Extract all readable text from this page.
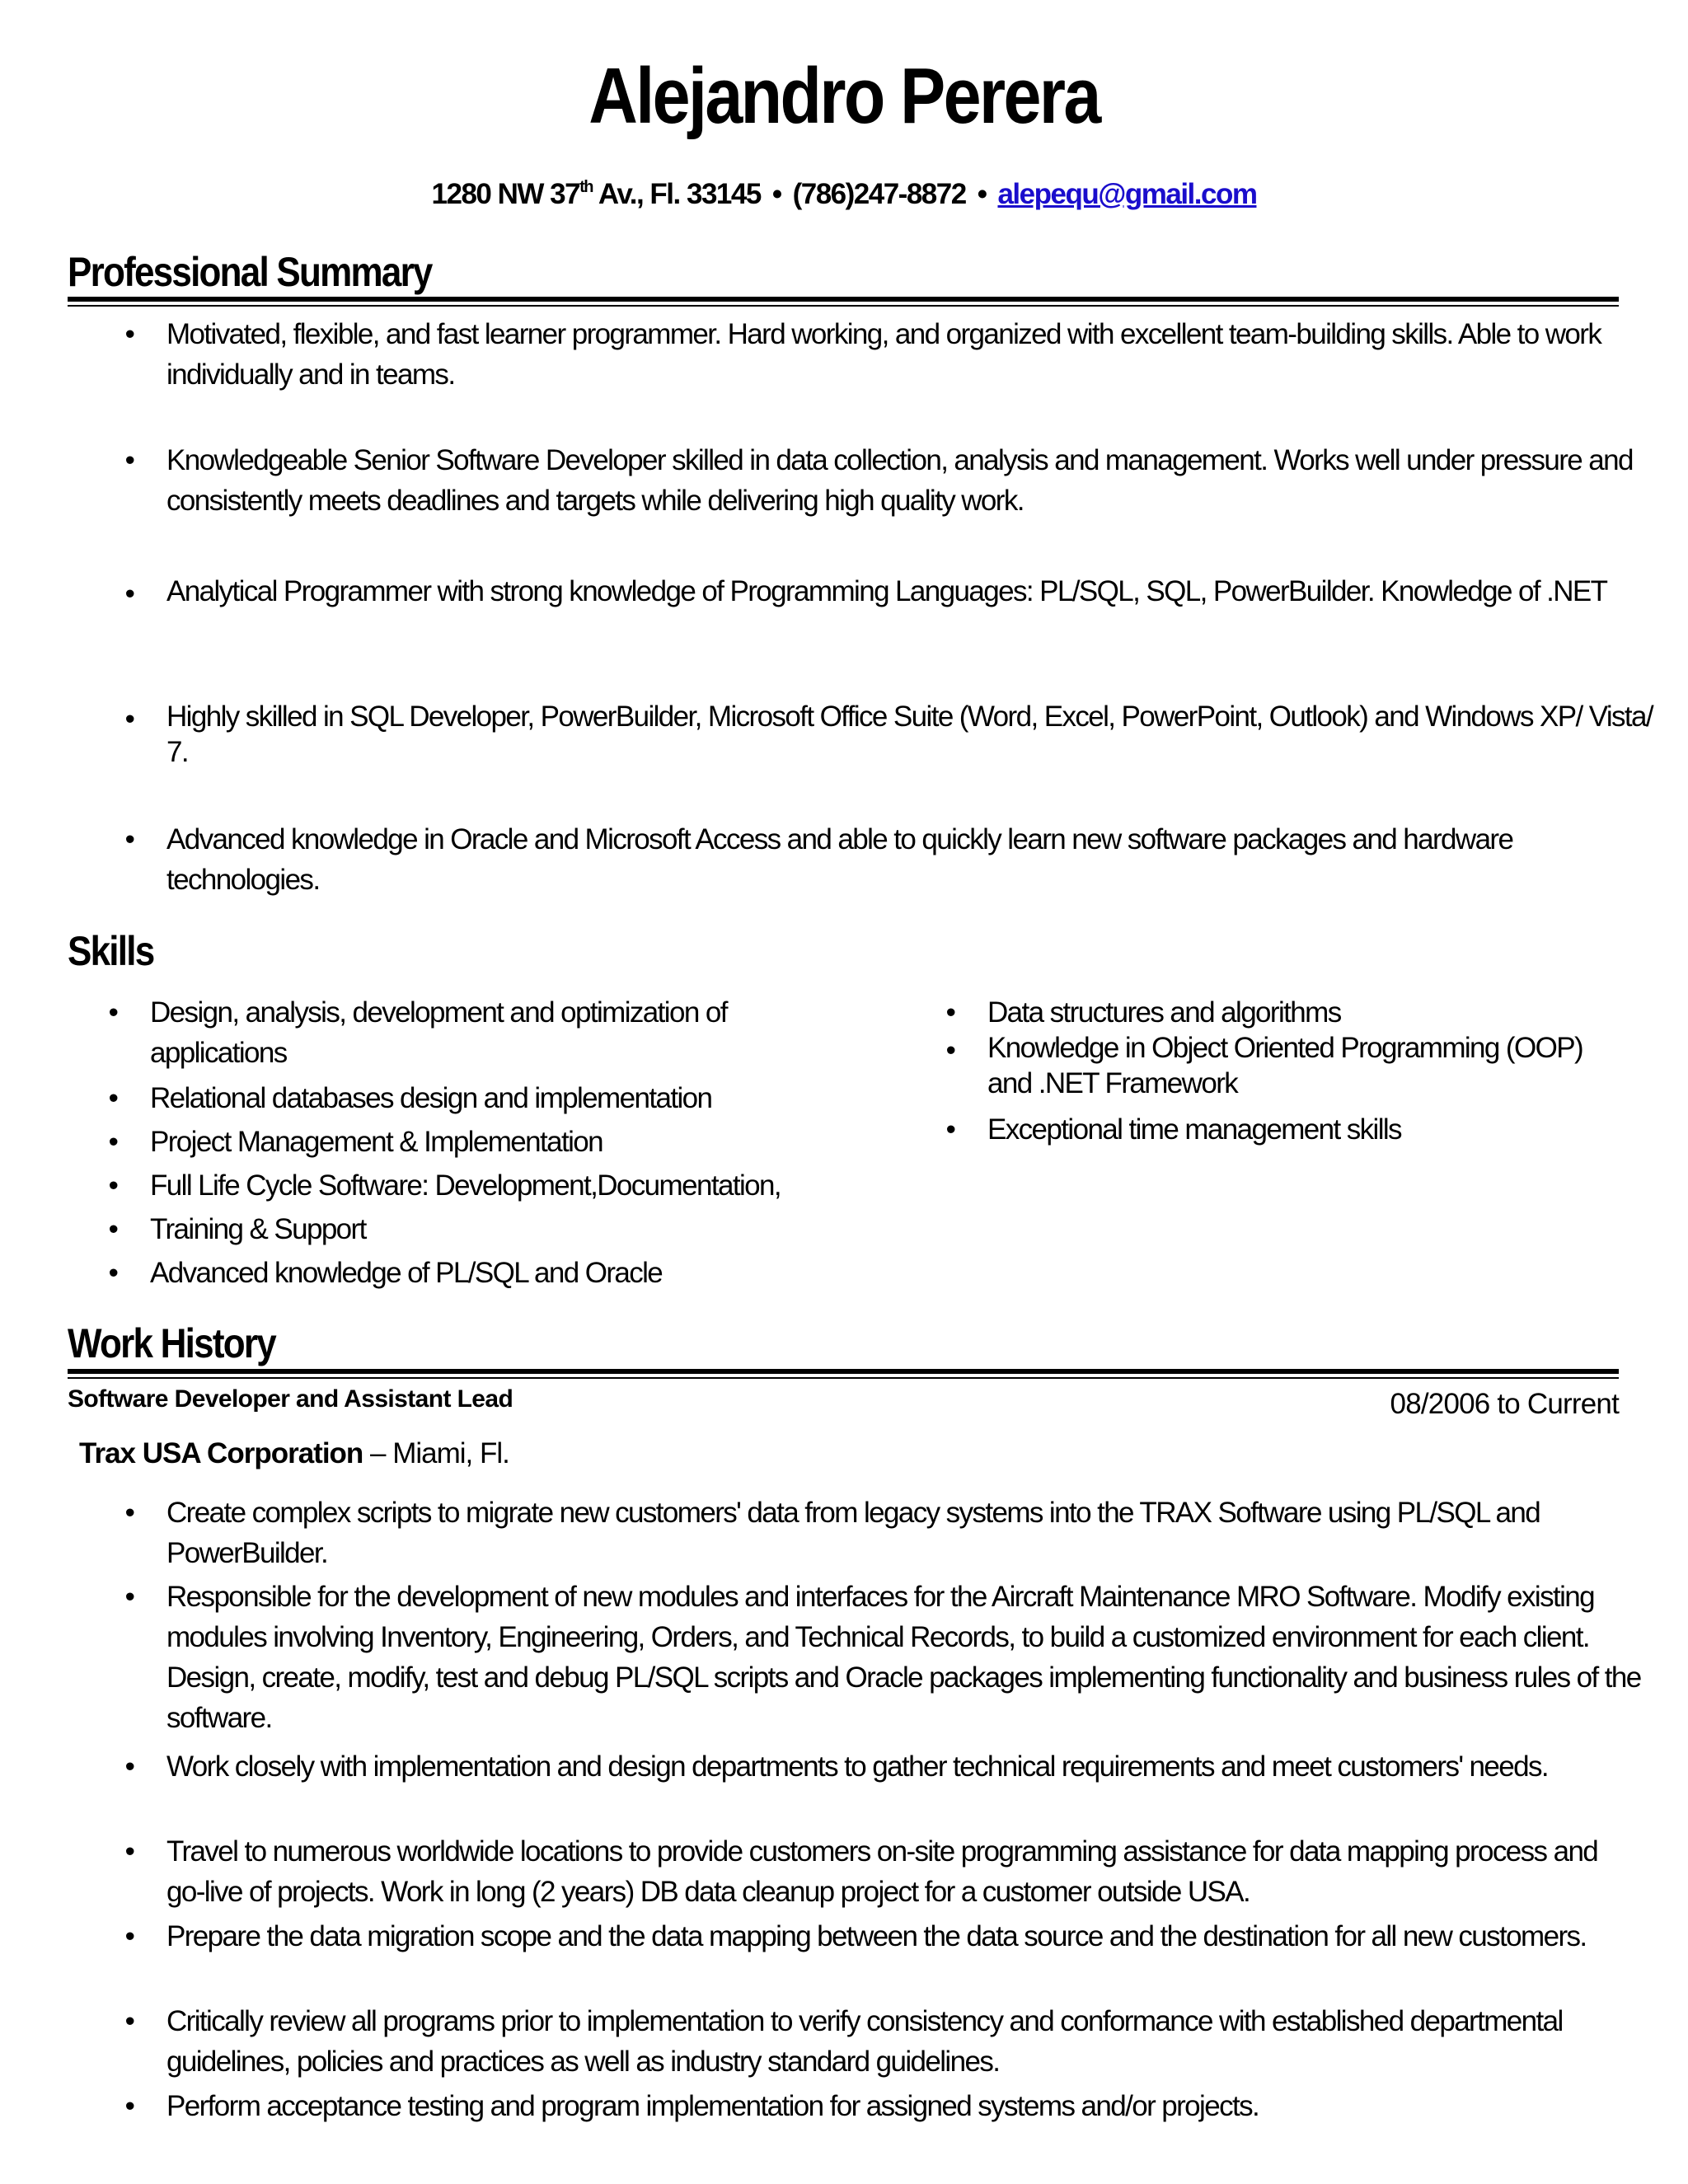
Alejandro Perera
1280 NW 37th Av., Fl. 33145 • (786)247-8872 • alepequ@gmail.com
Professional Summary
• Motivated, flexible, and fast learner programmer. Hard working, and organized with excellent team-building skills. Able to work individually and in teams.
• Knowledgeable Senior Software Developer skilled in data collection, analysis and management. Works well under pressure and consistently meets deadlines and targets while delivering high quality work.
• Analytical Programmer with strong knowledge of Programming Languages: PL/SQL, SQL, PowerBuilder. Knowledge of .NET
• Highly skilled in SQL Developer, PowerBuilder, Microsoft Office Suite (Word, Excel, PowerPoint, Outlook) and Windows XP/ Vista/ 7.
• Advanced knowledge in Oracle and Microsoft Access and able to quickly learn new software packages and hardware technologies.
Skills
• Design, analysis, development and optimization of applications
• Relational databases design and implementation
• Project Management & Implementation
• Full Life Cycle Software: Development,Documentation,
• Training & Support
• Advanced knowledge of PL/SQL and Oracle
• Data structures and algorithms
• Knowledge in Object Oriented Programming (OOP) and .NET Framework
• Exceptional time management skills
Work History
Software Developer and Assistant Lead	08/2006 to Current
Trax USA Corporation – Miami, Fl.
• Create complex scripts to migrate new customers' data from legacy systems into the TRAX Software using PL/SQL and PowerBuilder.
• Responsible for the development of new modules and interfaces for the Aircraft Maintenance MRO Software. Modify existing modules involving Inventory, Engineering, Orders, and Technical Records, to build a customized environment for each client. Design, create, modify, test and debug PL/SQL scripts and Oracle packages implementing functionality and business rules of the software.
• Work closely with implementation and design departments to gather technical requirements and meet customers' needs.
• Travel to numerous worldwide locations to provide customers on-site programming assistance for data mapping process and go-live of projects. Work in long (2 years) DB data cleanup project for a customer outside USA.
• Prepare the data migration scope and the data mapping between the data source and the destination for all new customers.
• Critically review all programs prior to implementation to verify consistency and conformance with established departmental guidelines, policies and practices as well as industry standard guidelines.
• Perform acceptance testing and program implementation for assigned systems and/or projects.
